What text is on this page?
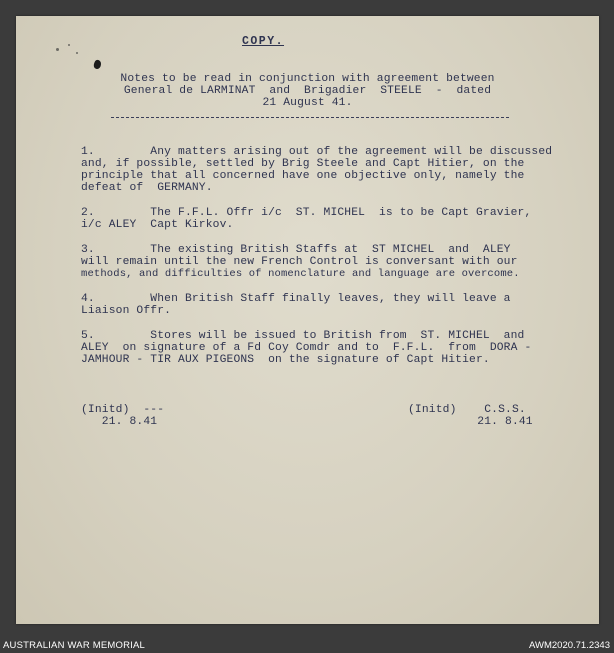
COPY.
Notes to be read in conjunction with agreement between
General de LARMINAT  and  Brigadier  STEELE  -  dated
21 August 41.
1.        Any matters arising out of the agreement will be discussed
and, if possible, settled by Brig Steele and Capt Hitier, on the
principle that all concerned have one objective only, namely the
defeat of  GERMANY.
2.        The F.F.L. Offr i/c  ST. MICHEL  is to be Capt Gravier,
i/c ALEY  Capt Kirkov.
3.        The existing British Staffs at  ST MICHEL  and  ALEY
will remain until the new French Control is conversant with our
methods, and difficulties of nomenclature and language are overcome.
4.        When British Staff finally leaves, they will leave a
Liaison Offr.
5.        Stores will be issued to British from  ST. MICHEL  and
ALEY  on signature of a Fd Coy Comdr and to  F.F.L.  from  DORA -
JAMHOUR - TIR AUX PIGEONS  on the signature of Capt Hitier.
(Initd)  ---
21. 8.41
(Initd)    C.S.S.
21. 8.41
AUSTRALIAN WAR MEMORIAL	AWM2020.71.2343
